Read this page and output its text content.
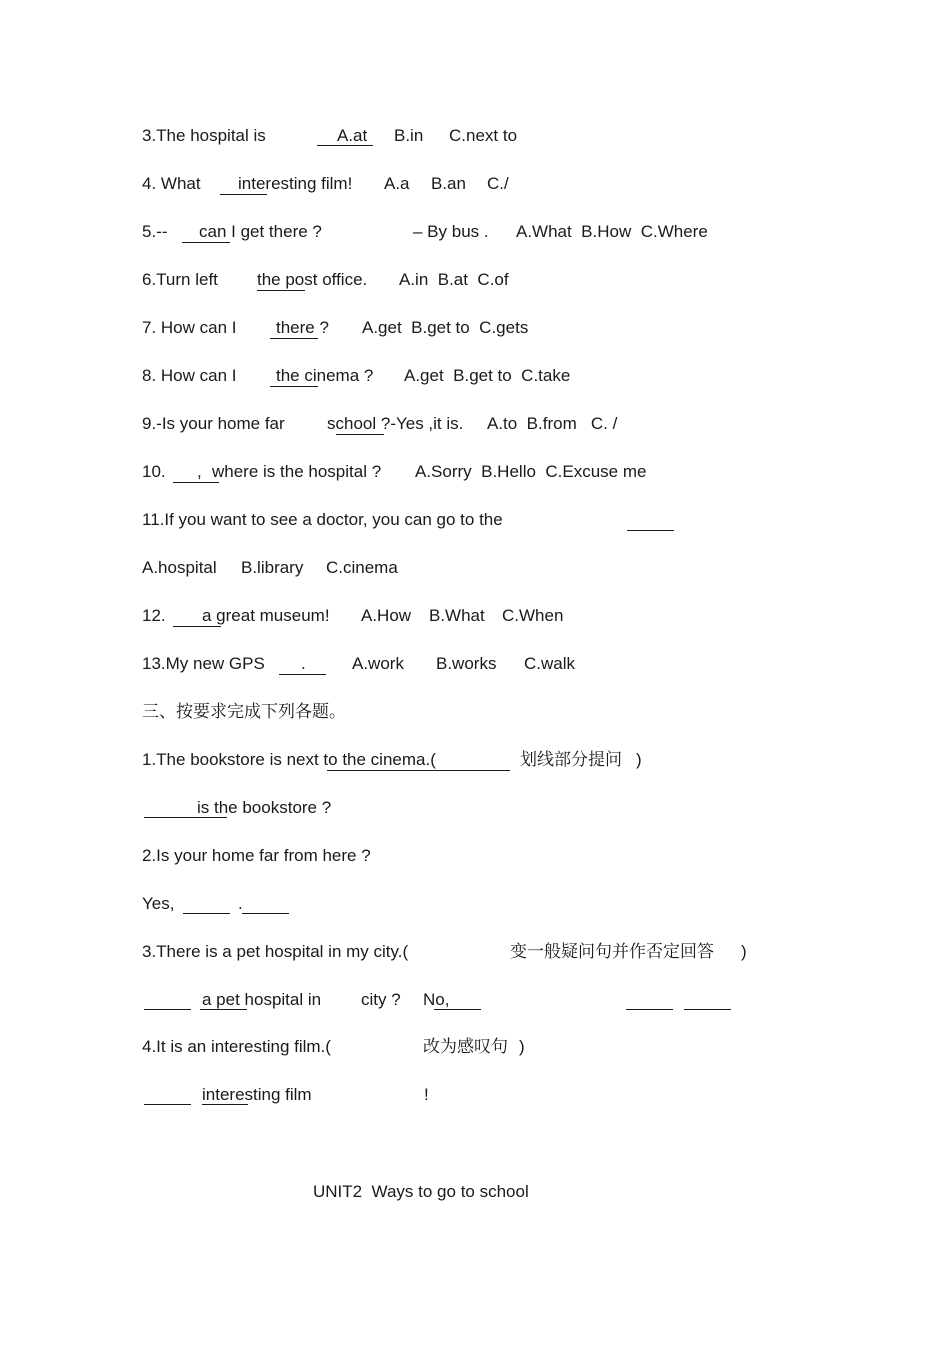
3.The hospital is	A.at B.in C.next to
4. What interesting film! A.a B.an C./
5.-- can I get there ?	– By bus . A.What  B.How  C.Where
6.Turn left the post office. A.in  B.at  C.of
7. How can I there ? A.get  B.get to  C.gets
8. How can I the cinema ? A.get  B.get to  C.take
9.-Is your home far school ?-Yes ,it is. A.to  B.from   C. /
10. , where is the hospital ? A.Sorry  B.Hello  C.Excuse me
11.If you want to see a doctor, you can go to the
A.hospital B.library C.cinema
12. a great museum! A.How B.What C.When
13.My new GPS .	A.work B.works C.walk
三、按要求完成下列各题。
1.The bookstore is next to the cinema.(	划线部分提问 )
is the bookstore ?
2.Is your home far from here ?
Yes,	.
3.There is a pet hospital in my city.(	变一般疑问句并作否定回答 )
a pet hospital in city ? No,
4.It is an interesting film.(	改为感叹句 )
interesting film	!
UNIT2  Ways to go to school
